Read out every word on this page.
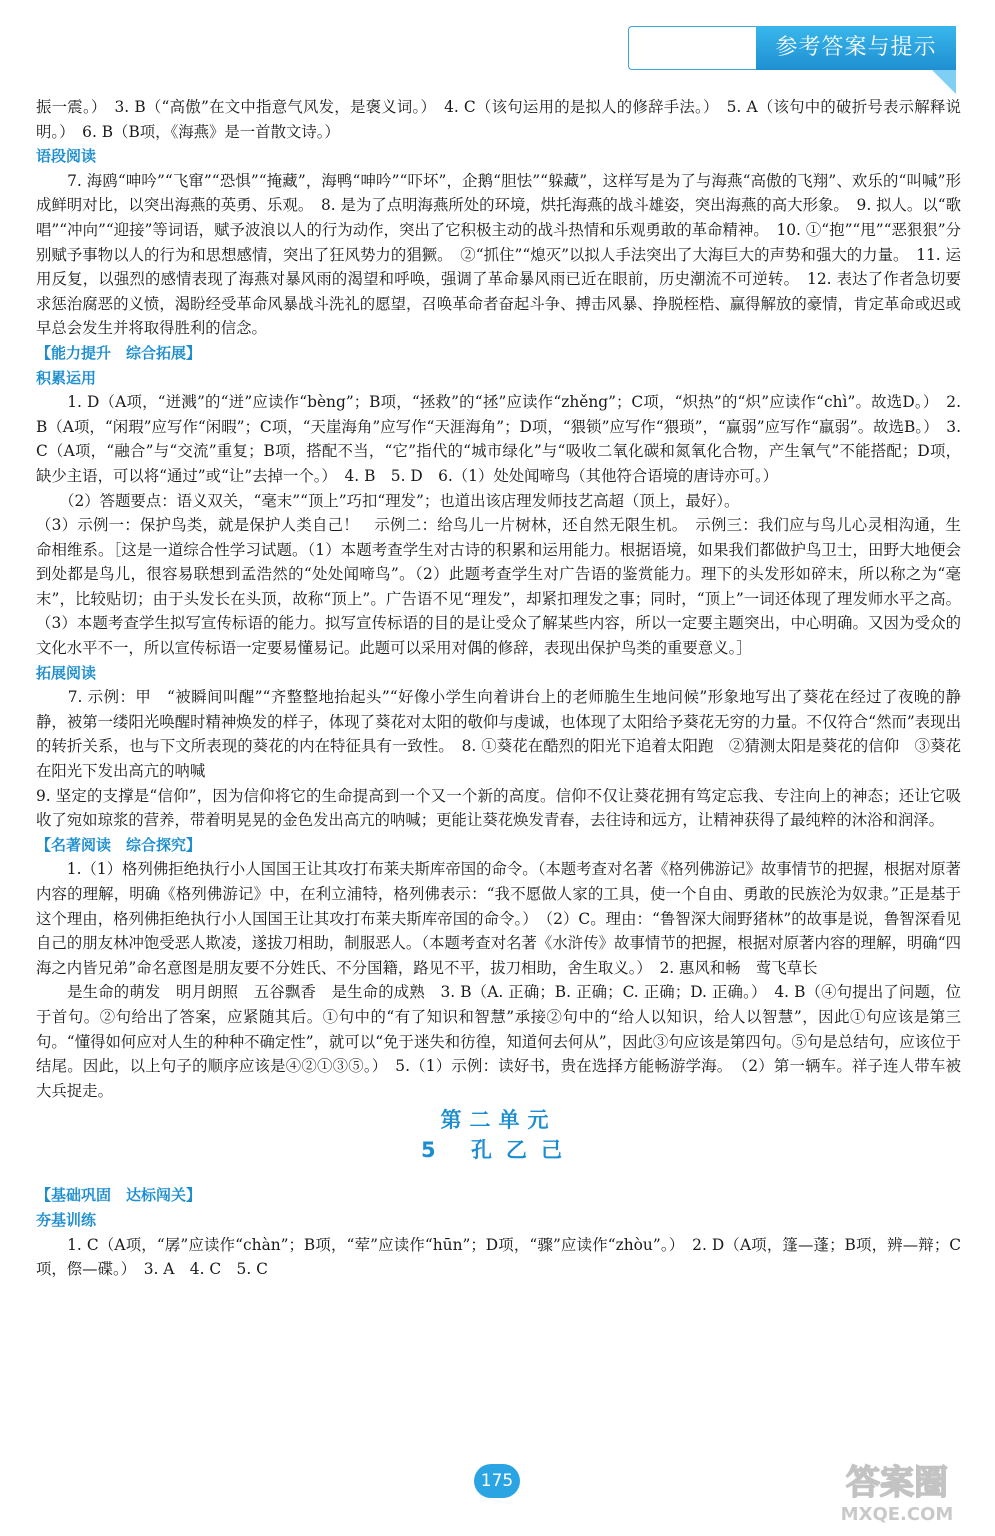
参考答案与提示

振一震。）　3. B（“高傲”在文中指意气风发，是褒义词。）　4. C（该句运用的是拟人的修辞手法。）　5. A（该句中的破折号表示解释说明。）　6. B（B项，《海燕》是一首散文诗。）

语段阅读

　　7. 海鸥“呻吟”“飞窜”“恐惧”“掩藏”，海鸭“呻吟”“吓坏”，企鹅“胆怯”“躲藏”，这样写是为了与海燕“高傲的飞翔”、欢乐的“叫喊”形成鲜明对比，以突出海燕的英勇、乐观。　8. 是为了点明海燕所处的环境，烘托海燕的战斗雄姿，突出海燕的高大形象。　9. 拟人。以“歌唱”“冲向”“迎接”等词语，赋予波浪以人的行为动作，突出了它积极主动的战斗热情和乐观勇敢的革命精神。　10. ①“抱”“甩”“恶狠狠”分别赋予事物以人的行为和思想感情，突出了狂风势力的猖獗。　②“抓住”“熄灭”以拟人手法突出了大海巨大的声势和强大的力量。　11. 运用反复，以强烈的感情表现了海燕对暴风雨的渴望和呼唤，强调了革命暴风雨已近在眼前，历史潮流不可逆转。　12. 表达了作者急切要求惩治腐恶的义愤，渴盼经受革命风暴战斗洗礼的愿望，召唤革命者奋起斗争、搏击风暴、挣脱桎梏、赢得解放的豪情，肯定革命或迟或早总会发生并将取得胜利的信念。

【能力提升　综合拓展】
积累运用

　　1. D（A项，“迸溅”的“迸”应读作“bèng”；B项，“拯救”的“拯”应读作“zhěng”；C项，“炽热”的“炽”应读作“chì”。故选D。）　2. B（A项，“闲瑕”应写作“闲暇”；C项，“天崖海角”应写作“天涯海角”；D项，“猥锁”应写作“猥琐”，“赢弱”应写作“羸弱”。故选B。）　3. C（A项，“融合”与“交流”重复；B项，搭配不当，“它”指代的“城市绿化”与“吸收二氧化碳和氮氧化合物，产生氧气”不能搭配；D项，缺少主语，可以将“通过”或“让”去掉一个。）　4. B　5. D　6.（1）处处闻啼鸟（其他符合语境的唐诗亦可。）

　　（2）答题要点：语义双关，“毫末”“顶上”巧扣“理发”；也道出该店理发师技艺高超（顶上，最好）。

（3）示例一：保护鸟类，就是保护人类自己！　示例二：给鸟儿一片树林，还自然无限生机。　示例三：我们应与鸟儿心灵相沟通，生命相维系。［这是一道综合性学习试题。（1）本题考查学生对古诗的积累和运用能力。根据语境，如果我们都做护鸟卫士，田野大地便会到处都是鸟儿，很容易联想到孟浩然的“处处闻啼鸟”。（2）此题考查学生对广告语的鉴赏能力。理下的头发形如碎末，所以称之为“毫末”，比较贴切；由于头发长在头顶，故称“顶上”。广告语不见“理发”，却紧扣理发之事；同时，“顶上”一词还体现了理发师水平之高。（3）本题考查学生拟写宣传标语的能力。拟写宣传标语的目的是让受众了解某些内容，所以一定要主题突出，中心明确。又因为受众的文化水平不一，所以宣传标语一定要易懂易记。此题可以采用对偶的修辞，表现出保护鸟类的重要意义。］

拓展阅读

　　7. 示例：甲　“被瞬间叫醒”“齐整整地抬起头”“好像小学生向着讲台上的老师脆生生地问候”形象地写出了葵花在经过了夜晚的静静，被第一缕阳光唤醒时精神焕发的样子，体现了葵花对太阳的敬仰与虔诚，也体现了太阳给予葵花无穷的力量。不仅符合“然而”表现出的转折关系，也与下文所表现的葵花的内在特征具有一致性。　8. ①葵花在酷烈的阳光下追着太阳跑　②猜测太阳是葵花的信仰　③葵花在阳光下发出高亢的呐喊

9. 坚定的支撑是“信仰”，因为信仰将它的生命提高到一个又一个新的高度。信仰不仅让葵花拥有笃定忘我、专注向上的神态；还让它吸收了宛如琼浆的营养，带着明晃晃的金色发出高亢的呐喊；更能让葵花焕发青春，去往诗和远方，让精神获得了最纯粹的沐浴和润泽。

【名著阅读　综合探究】

　　1.（1）格列佛拒绝执行小人国国王让其攻打布莱夫斯库帝国的命令。（本题考查对名著《格列佛游记》故事情节的把握，根据对原著内容的理解，明确《格列佛游记》中，在利立浦特，格列佛表示：“我不愿做人家的工具，使一个自由、勇敢的民族沦为奴隶。”正是基于这个理由，格列佛拒绝执行小人国国王让其攻打布莱夫斯库帝国的命令。）　（2）C。理由：“鲁智深大闹野猪林”的故事是说，鲁智深看见自己的朋友林冲饱受恶人欺凌，遂拔刀相助，制服恶人。（本题考查对名著《水浒传》故事情节的把握，根据对原著内容的理解，明确“四海之内皆兄弟”命名意图是朋友要不分姓氏、不分国籍，路见不平，拔刀相助，舍生取义。）　2. 惠风和畅　莺飞草长

　　是生命的萌发　明月朗照　五谷飘香　是生命的成熟　3. B（A. 正确；B. 正确；C. 正确；D. 正确。）　4. B（④句提出了问题，位于首句。②句给出了答案，应紧随其后。①句中的“有了知识和智慧”承接②句中的“给人以知识，给人以智慧”，因此①句应该是第三句。“懂得如何应对人生的种种不确定性”，就可以“免于迷失和彷徨，知道何去何从”，因此③句应该是第四句。⑤句是总结句，应该位于结尾。因此，以上句子的顺序应该是④②①③⑤。）　5.（1）示例：读好书，贵在选择方能畅游学海。　（2）第一辆车。祥子连人带车被大兵捉走。

第二单元
5 孔乙己
【基础巩固　达标闯关】
夯基训练

　　1. C（A项，“孱”应读作“chàn”；B项，“荤”应读作“hūn”；D项，“骤”应读作“zhòu”。）　2. D（A项，篷—蓬；B项，辨—辩；C项，傺—碟。）　3. A　4. C　5. C

175	答案圈
MXQE.COM
